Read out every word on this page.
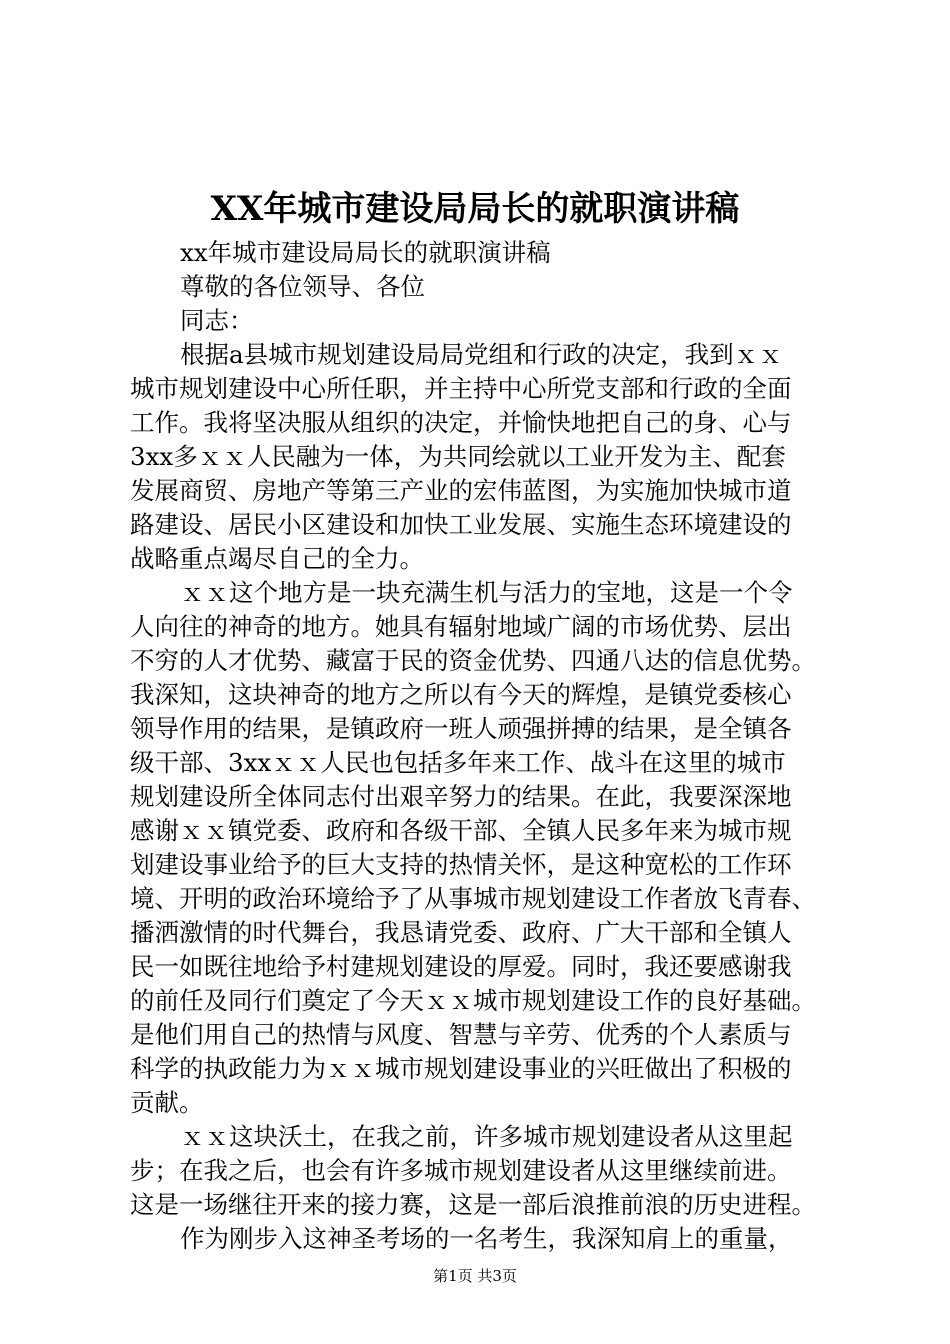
XX年城市建设局局长的就职演讲稿
xx年城市建设局局长的就职演讲稿
尊敬的各位领导、各位
同志：
根据a县城市规划建设局局党组和行政的决定，我到ｘｘ
城市规划建设中心所任职，并主持中心所党支部和行政的全面
工作。我将坚决服从组织的决定，并愉快地把自己的身、心与
3xx多ｘｘ人民融为一体，为共同绘就以工业开发为主、配套
发展商贸、房地产等第三产业的宏伟蓝图，为实施加快城市道
路建设、居民小区建设和加快工业发展、实施生态环境建设的
战略重点竭尽自己的全力。
ｘｘ这个地方是一块充满生机与活力的宝地，这是一个令
人向往的神奇的地方。她具有辐射地域广阔的市场优势、层出
不穷的人才优势、藏富于民的资金优势、四通八达的信息优势。
我深知，这块神奇的地方之所以有今天的辉煌，是镇党委核心
领导作用的结果，是镇政府一班人顽强拼搏的结果，是全镇各
级干部、3xxｘｘ人民也包括多年来工作、战斗在这里的城市
规划建设所全体同志付出艰辛努力的结果。在此，我要深深地
感谢ｘｘ镇党委、政府和各级干部、全镇人民多年来为城市规
划建设事业给予的巨大支持的热情关怀，是这种宽松的工作环
境、开明的政治环境给予了从事城市规划建设工作者放飞青春、
播洒激情的时代舞台，我恳请党委、政府、广大干部和全镇人
民一如既往地给予村建规划建设的厚爱。同时，我还要感谢我
的前任及同行们奠定了今天ｘｘ城市规划建设工作的良好基础。
是他们用自己的热情与风度、智慧与辛劳、优秀的个人素质与
科学的执政能力为ｘｘ城市规划建设事业的兴旺做出了积极的
贡献。
ｘｘ这块沃土，在我之前，许多城市规划建设者从这里起
步；在我之后，也会有许多城市规划建设者从这里继续前进。
这是一场继往开来的接力赛，这是一部后浪推前浪的历史进程。
作为刚步入这神圣考场的一名考生，我深知肩上的重量，
第1页 共3页
